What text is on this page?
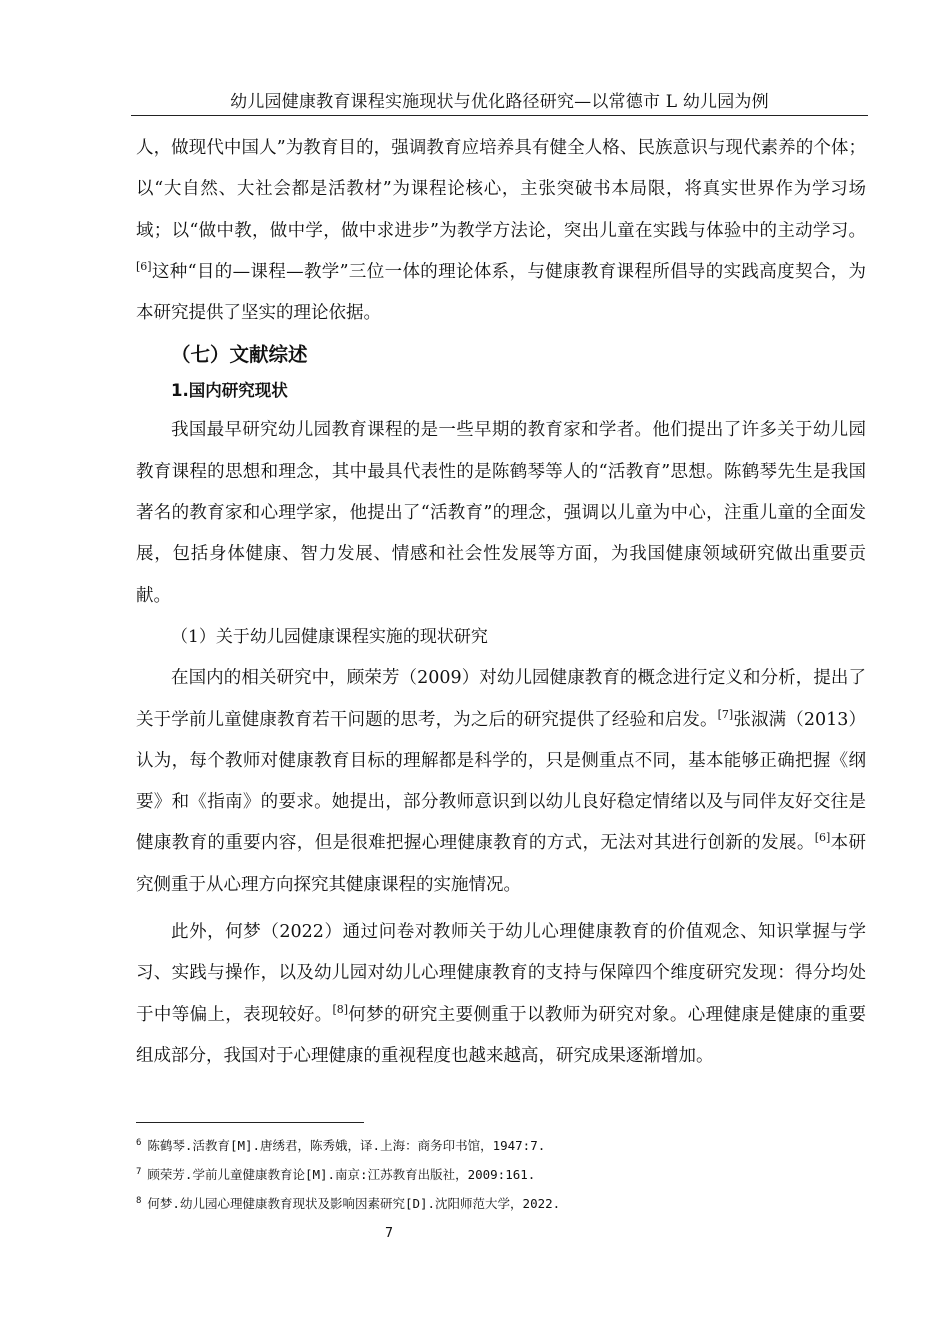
幼儿园健康教育课程实施现状与优化路径研究—以常德市 L 幼儿园为例

人，做现代中国人”为教育目的，强调教育应培养具有健全人格、民族意识与现代素养的个体；以“大自然、大社会都是活教材”为课程论核心，主张突破书本局限，将真实世界作为学习场域；以“做中教，做中学，做中求进步”为教学方法论，突出儿童在实践与体验中的主动学习。[6]这种“目的—课程—教学”三位一体的理论体系，与健康教育课程所倡导的实践高度契合，为本研究提供了坚实的理论依据。

（七）文献综述
1.国内研究现状

我国最早研究幼儿园教育课程的是一些早期的教育家和学者。他们提出了许多关于幼儿园教育课程的思想和理念，其中最具代表性的是陈鹤琴等人的“活教育”思想。陈鹤琴先生是我国著名的教育家和心理学家，他提出了“活教育”的理念，强调以儿童为中心，注重儿童的全面发展，包括身体健康、智力发展、情感和社会性发展等方面，为我国健康领域研究做出重要贡献。

（1）关于幼儿园健康课程实施的现状研究

在国内的相关研究中，顾荣芳（2009）对幼儿园健康教育的概念进行定义和分析，提出了关于学前儿童健康教育若干问题的思考，为之后的研究提供了经验和启发。[7]张淑满（2013）认为，每个教师对健康教育目标的理解都是科学的，只是侧重点不同，基本能够正确把握《纲要》和《指南》的要求。她提出，部分教师意识到以幼儿良好稳定情绪以及与同伴友好交往是健康教育的重要内容，但是很难把握心理健康教育的方式，无法对其进行创新的发展。[6]本研究侧重于从心理方向探究其健康课程的实施情况。

此外，何梦（2022）通过问卷对教师关于幼儿心理健康教育的价值观念、知识掌握与学习、实践与操作，以及幼儿园对幼儿心理健康教育的支持与保障四个维度研究发现：得分均处于中等偏上，表现较好。[8]何梦的研究主要侧重于以教师为研究对象。心理健康是健康的重要组成部分，我国对于心理健康的重视程度也越来越高，研究成果逐渐增加。

$^6$ 陈鹤琴.活教育[M].唐绣君，陈秀娥，译.上海：商务印书馆，1947:7.
$^7$ 顾荣芳.学前儿童健康教育论[M].南京:江苏教育出版社，2009:161.
$^8$ 何梦.幼儿园心理健康教育现状及影响因素研究[D].沈阳师范大学，2022.
7
